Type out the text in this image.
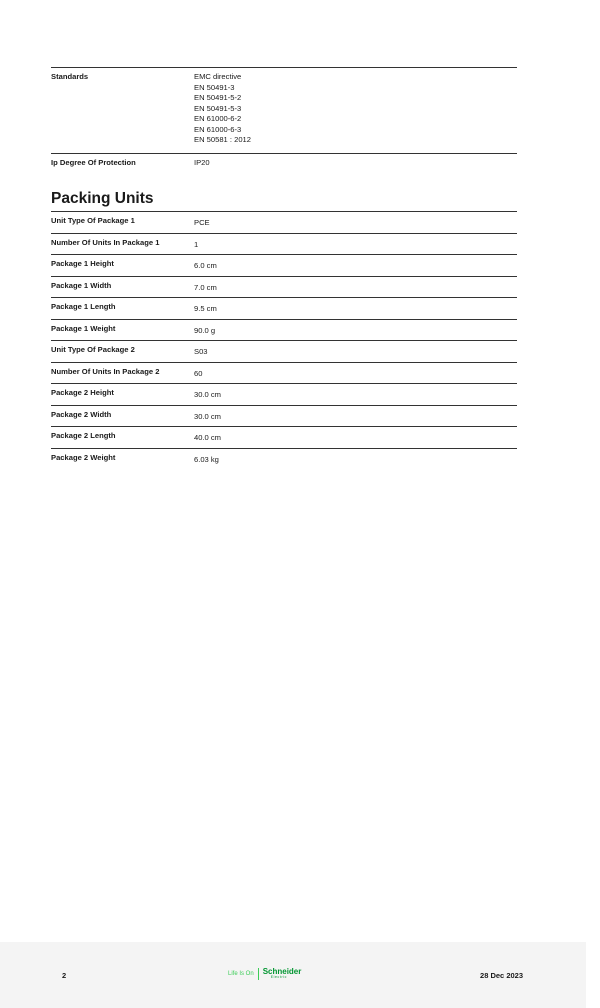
Standards	EMC directive
EN 50491-3
EN 50491-5-2
EN 50491-5-3
EN 61000-6-2
EN 61000-6-3
EN 50581 : 2012
Ip Degree Of Protection	IP20
Packing Units
Unit Type Of Package 1	PCE
Number Of Units In Package 1	1
Package 1 Height	6.0 cm
Package 1 Width	7.0 cm
Package 1 Length	9.5 cm
Package 1 Weight	90.0 g
Unit Type Of Package 2	S03
Number Of Units In Package 2	60
Package 2 Height	30.0 cm
Package 2 Width	30.0 cm
Package 2 Length	40.0 cm
Package 2 Weight	6.03 kg
2	Life Is On Schneider
Electric	28 Dec 2023
